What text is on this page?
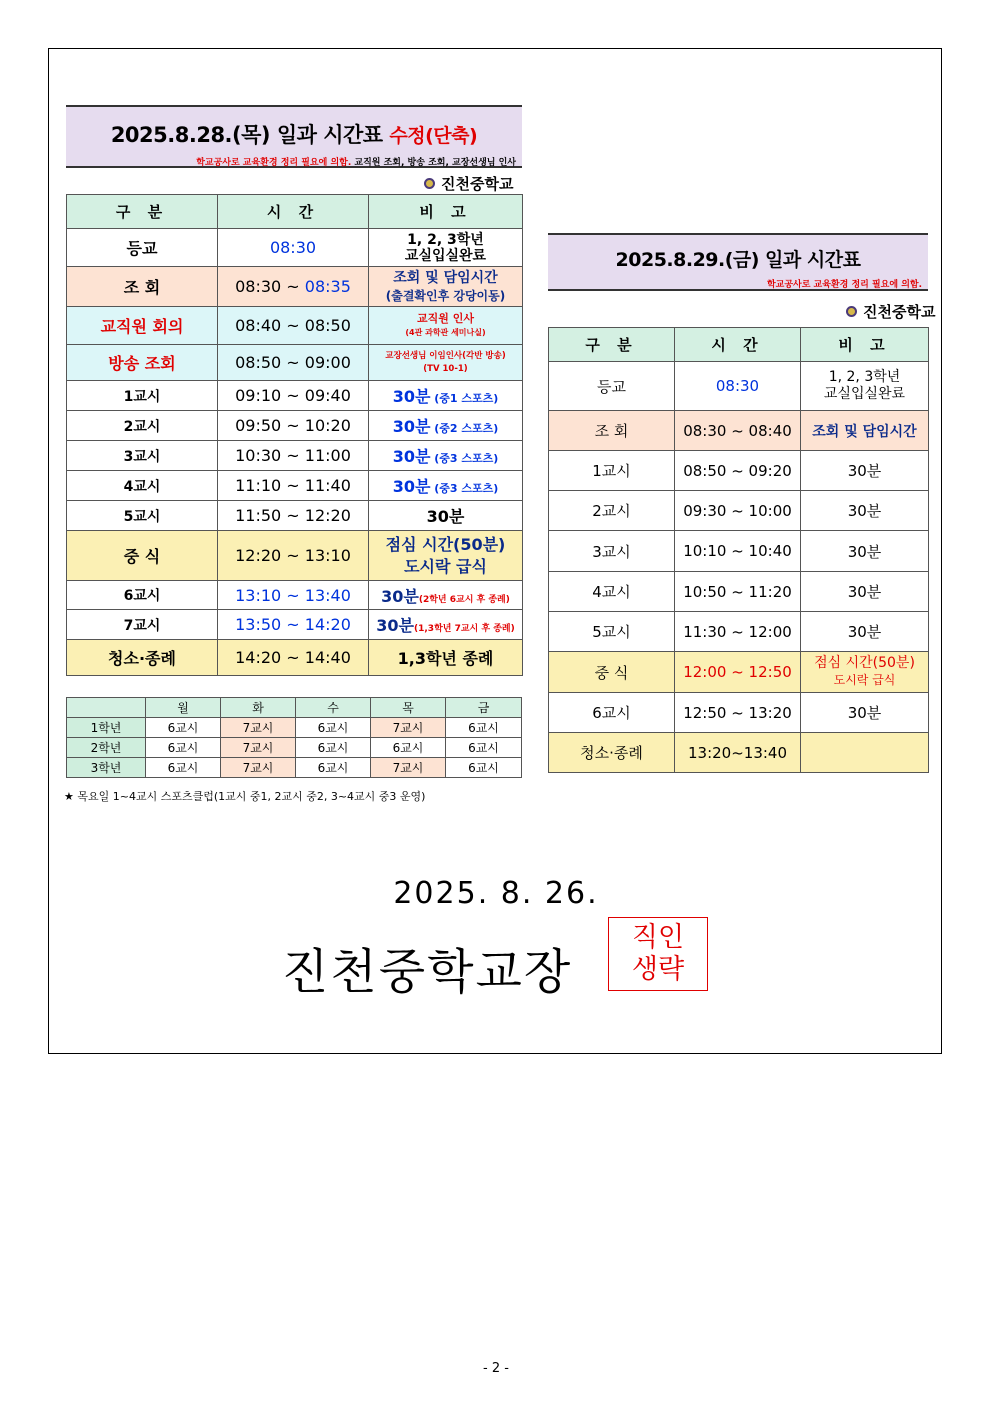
2025.8.28.(목) 일과 시간표 수정(단축)
학교공사로 교육환경 정리 필요에 의함. 교직원 조회, 방송 조회, 교장선생님 인사
진천중학교
구 분	시 간	비 고
등교	08:30	1, 2, 3학년
교실입실완료

조 회	08:30 ~ 08:35	조회 및 담임시간
(출결확인후 강당이동)

교직원 회의	08:40 ~ 08:50	교직원 인사
(4관 과학관 세미나실)

방송 조회	08:50 ~ 09:00	교장선생님 이임인사(각반 방송)
(TV 10-1)

1교시	09:10 ~ 09:40	30분 (중1 스포츠)
2교시	09:50 ~ 10:20	30분 (중2 스포츠)
3교시	10:30 ~ 11:00	30분 (중3 스포츠)
4교시	11:10 ~ 11:40	30분 (중3 스포츠)
5교시	11:50 ~ 12:20	30분
중 식	12:20 ~ 13:10	점심 시간(50분)
도시락 급식

6교시	13:10 ~ 13:40	30분(2학년 6교시 후 종례)
7교시	13:50 ~ 14:20	30분(1,3학년 7교시 후 종례)
청소·종례	14:20 ~ 14:40	1,3학년 종례
	월	화	수	목	금
1학년	6교시	7교시	6교시	7교시	6교시
2학년	6교시	7교시	6교시	6교시	6교시
3학년	6교시	7교시	6교시	7교시	6교시
★ 목요일 1~4교시 스포츠클럽(1교시 중1, 2교시 중2, 3~4교시 중3 운영)
2025.8.29.(금) 일과 시간표
학교공사로 교육환경 정리 필요에 의함.
진천중학교
구 분	시 간	비 고
등교	08:30	1, 2, 3학년
교실입실완료

조 회	08:30 ~ 08:40	조회 및 담임시간
1교시	08:50 ~ 09:20	30분
2교시	09:30 ~ 10:00	30분
3교시	10:10 ~ 10:40	30분
4교시	10:50 ~ 11:20	30분
5교시	11:30 ~ 12:00	30분
중 식	12:00 ~ 12:50	점심 시간(50분)
도시락 급식

6교시	12:50 ~ 13:20	30분
청소·종례	13:20~13:40	
2025. 8. 26.
진천중학교장
직인
생략
- 2 -
